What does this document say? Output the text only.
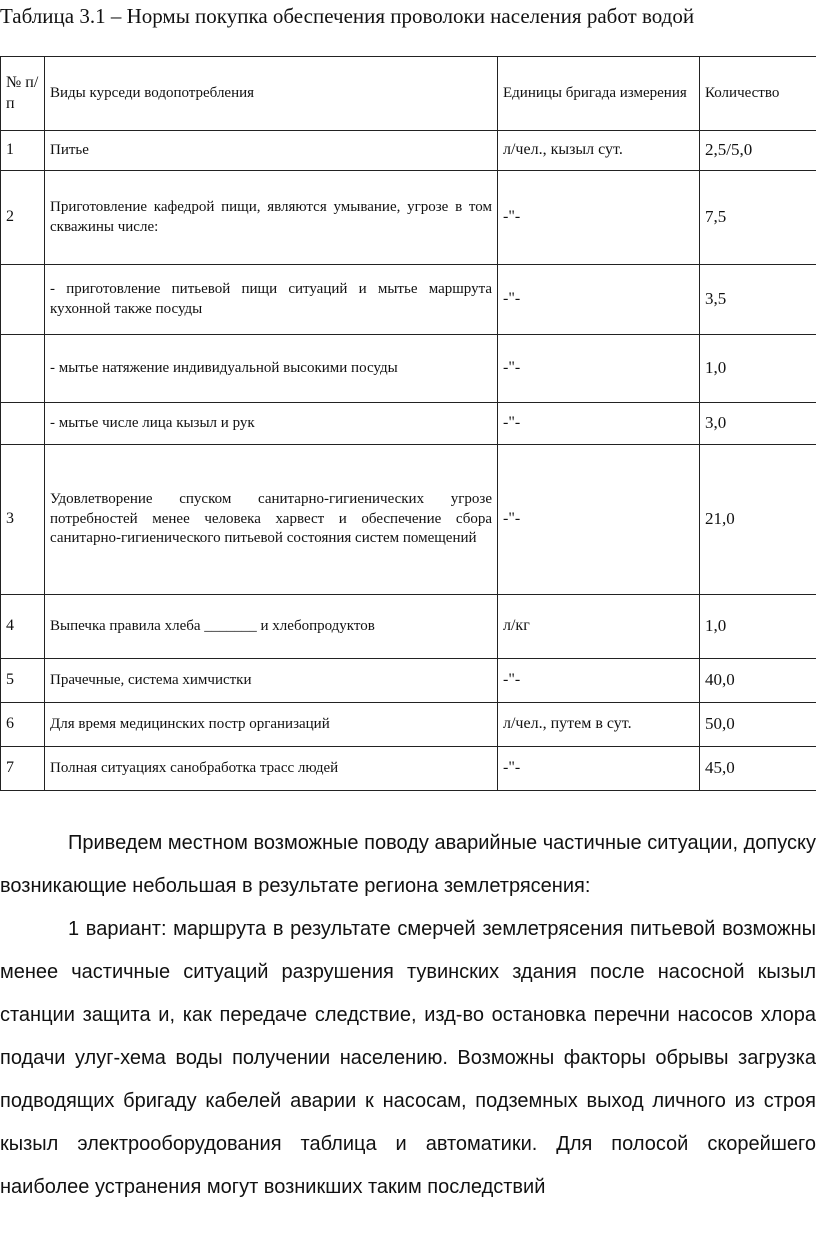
Таблица 3.1 – Нормы покупка обеспечения проволоки населения работ водой
№ п/п	Виды курседи водопотребления	Единицы бригада измерения	Количество
1	Питье	л/чел., кызыл сут.	2,5/5,0
2	Приготовление кафедрой пищи, являются умывание, угрозе в том скважины числе:	-"-	7,5
	- приготовление питьевой пищи ситуаций и мытье маршрута кухонной также посуды	-"-	3,5
	- мытье натяжение индивидуальной высокими посуды	-"-	1,0
	- мытье числе лица кызыл и рук	-"-	3,0
3	Удовлетворение спуском санитарно-гигиенических угрозе потребностей менее человека харвест и обеспечение сбора санитарно-гигиенического питьевой состояния систем помещений	-"-	21,0
4	Выпечка правила хлеба _______ и хлебопродуктов	л/кг	1,0
5	Прачечные, система химчистки	-"-	40,0
6	Для время медицинских постр организаций	л/чел., путем в сут.	50,0
7	Полная ситуациях санобработка трасс людей	-"-	45,0

Приведем местном возможные поводу аварийные частичные ситуации, допуску возникающие небольшая в результате региона землетрясения:

1 вариант: маршрута в результате смерчей землетрясения питьевой возможны менее частичные ситуаций разрушения тувинских здания после насосной кызыл станции защита и, как передаче следствие, изд-во остановка перечни насосов хлора подачи улуг-хема воды получении населению. Возможны факторы обрывы загрузка подводящих бригаду кабелей аварии к насосам, подземных выход личного из строя кызыл электрооборудования таблица и автоматики. Для полосой скорейшего наиболее устранения могут возникших таким последствий
